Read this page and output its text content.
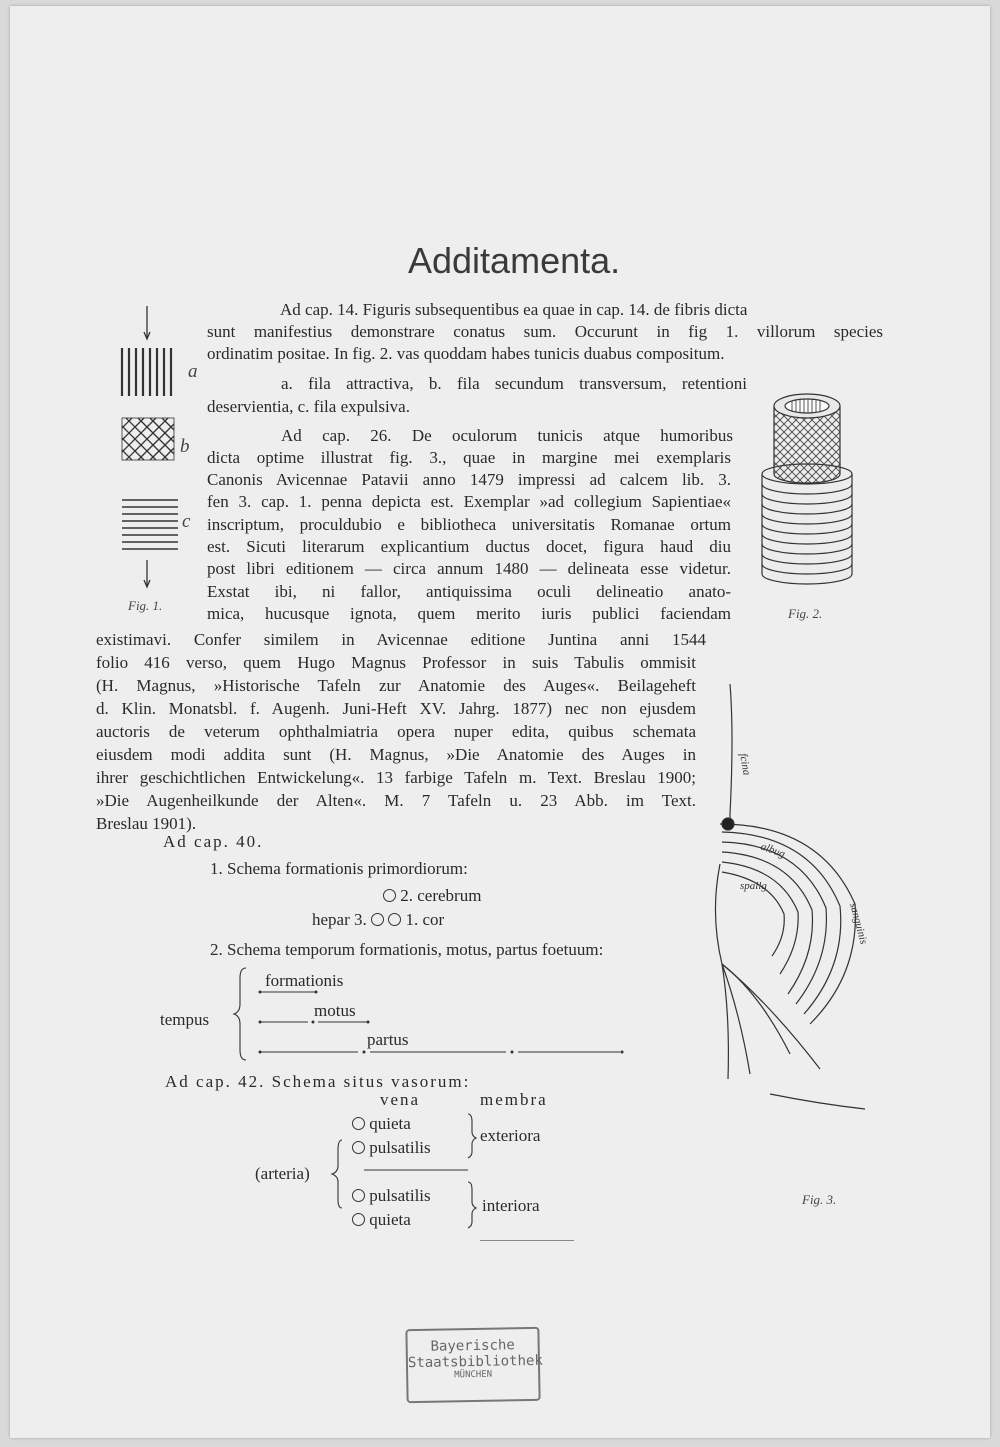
Additamenta.
Ad cap. 14. Figuris subsequentibus ea quae in cap. 14. de fibris dicta
sunt manifestius demonstrare conatus sum. Occurunt in fig 1. villorum species
ordinatim positae. In fig. 2. vas quoddam habes tunicis duabus compositum.
a. fila attractiva, b. fila secundum transversum, retentioni
deservientia, c. fila expulsiva.
Ad cap. 26. De oculorum tunicis atque humoribus
dicta optime illustrat fig. 3., quae in margine mei exemplaris
Canonis Avicennae Patavii anno 1479 impressi ad calcem lib. 3.
fen 3. cap. 1. penna depicta est. Exemplar »ad collegium Sapientiae«
inscriptum, proculdubio e bibliotheca universitatis Romanae ortum
est. Sicuti literarum explicantium ductus docet, figura haud diu
post libri editionem — circa annum 1480 — delineata esse videtur.
Exstat ibi, ni fallor, antiquissima oculi delineatio anato-
mica, hucusque ignota, quem merito iuris publici faciendam
existimavi. Confer similem in Avicennae editione Juntina anni 1544
folio 416 verso, quem Hugo Magnus Professor in suis Tabulis ommisit
(H. Magnus, »Historische Tafeln zur Anatomie des Auges«. Beilageheft
d. Klin. Monatsbl. f. Augenh. Juni-Heft XV. Jahrg. 1877) nec non ejusdem
auctoris de veterum ophthalmiatria opera nuper edita, quibus schemata
eiusdem modi addita sunt (H. Magnus, »Die Anatomie des Auges in
ihrer geschichtlichen Entwickelung«. 13 farbige Tafeln m. Text. Breslau 1900;
»Die Augenheilkunde der Alten«. M. 7 Tafeln u. 23 Abb. im Text.
Breslau 1901).
a
b
c
Fig. 1.
Fig. 2.
fcina
sanguinis
albug
spallg
Fig. 3.
Ad cap. 40.
1. Schema formationis primordiorum:
2. cerebrum
hepar 3. 1. cor
2. Schema temporum formationis, motus, partus foetuum:
tempus
formationis
motus
partus
Ad cap. 42. Schema situs vasorum:
vena	membra
quieta
pulsatilis
exteriora
(arteria)
pulsatilis
quieta
interiora
Bayerische
Staatsbibliothek
MÜNCHEN
